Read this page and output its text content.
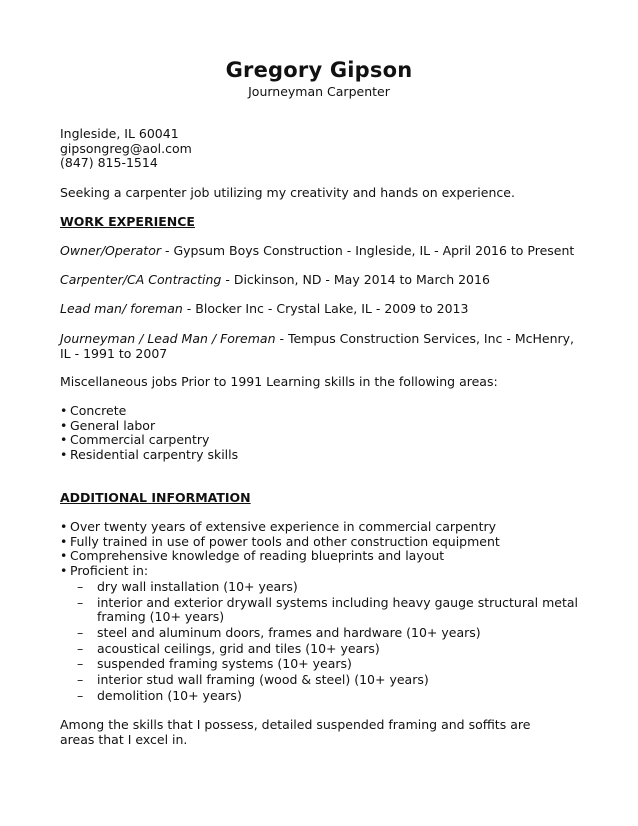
Gregory Gipson
Journeyman Carpenter
Ingleside, IL 60041
gipsongreg@aol.com
(847) 815-1514
Seeking a carpenter job utilizing my creativity and hands on experience.
WORK EXPERIENCE
Owner/Operator - Gypsum Boys Construction - Ingleside, IL - April 2016 to Present
Carpenter/CA Contracting - Dickinson, ND - May 2014 to March 2016
Lead man/ foreman - Blocker Inc - Crystal Lake, IL - 2009 to 2013
Journeyman / Lead Man / Foreman - Tempus Construction Services, Inc - McHenry, IL - 1991 to 2007
Miscellaneous jobs Prior to 1991 Learning skills in the following areas:
• Concrete
• General labor
• Commercial carpentry
• Residential carpentry skills
ADDITIONAL INFORMATION
• Over twenty years of extensive experience in commercial carpentry
• Fully trained in use of power tools and other construction equipment
• Comprehensive knowledge of reading blueprints and layout
• Proficient in:
– dry wall installation (10+ years)
– interior and exterior drywall systems including heavy gauge structural metal framing (10+ years)
– steel and aluminum doors, frames and hardware (10+ years)
– acoustical ceilings, grid and tiles (10+ years)
– suspended framing systems (10+ years)
– interior stud wall framing (wood & steel) (10+ years)
– demolition (10+ years)
Among the skills that I possess, detailed suspended framing and soffits are areas that I excel in.
